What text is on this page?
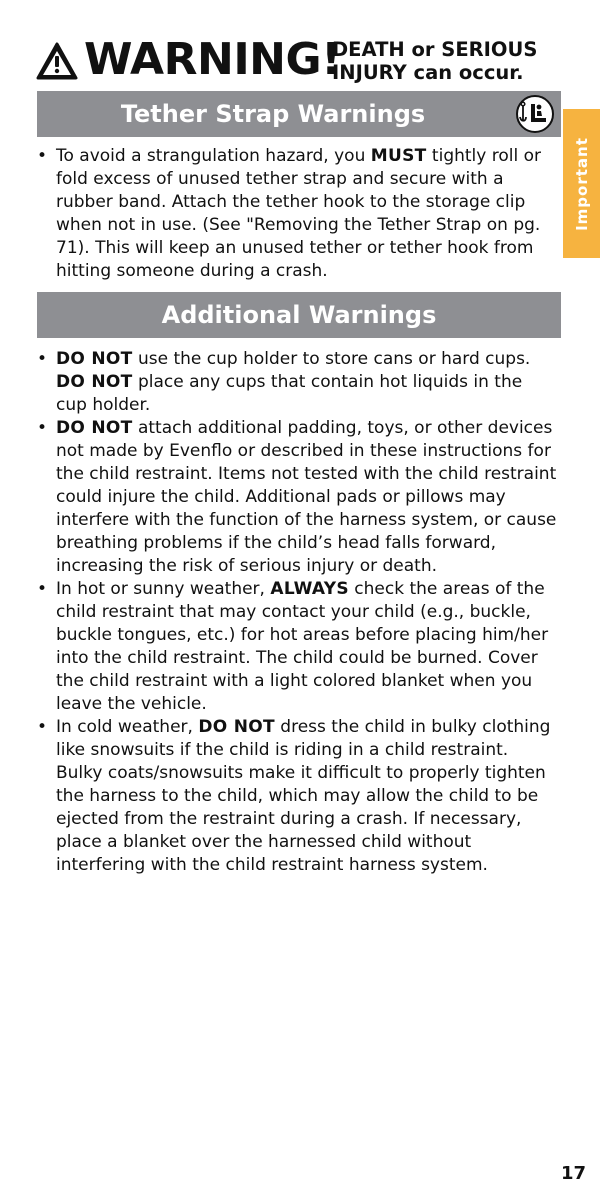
WARNING!
DEATH or SERIOUS
INJURY can occur.
Tether Strap Warnings
Important
• To avoid a strangulation hazard, you MUST tightly roll or fold excess of unused tether strap and secure with a rubber band. Attach the tether hook to the storage clip when not in use. (See "Removing the Tether Strap on pg. 71). This will keep an unused tether or tether hook from hitting someone during a crash.
Additional Warnings
• DO NOT use the cup holder to store cans or hard cups. DO NOT place any cups that contain hot liquids in the cup holder.
• DO NOT attach additional padding, toys, or other devices not made by Evenflo or described in these instructions for the child restraint. Items not tested with the child restraint could injure the child. Additional pads or pillows may interfere with the function of the harness system, or cause breathing problems if the child’s head falls forward, increasing the risk of serious injury or death.
• In hot or sunny weather, ALWAYS check the areas of the child restraint that may contact your child (e.g., buckle, buckle tongues, etc.) for hot areas before placing him/her into the child restraint. The child could be burned. Cover the child restraint with a light colored blanket when you leave the vehicle.
• In cold weather, DO NOT dress the child in bulky clothing like snowsuits if the child is riding in a child restraint. Bulky coats/snowsuits make it difficult to properly tighten the harness to the child, which may allow the child to be ejected from the restraint during a crash. If necessary, place a blanket over the harnessed child without interfering with the child restraint harness system.
17
